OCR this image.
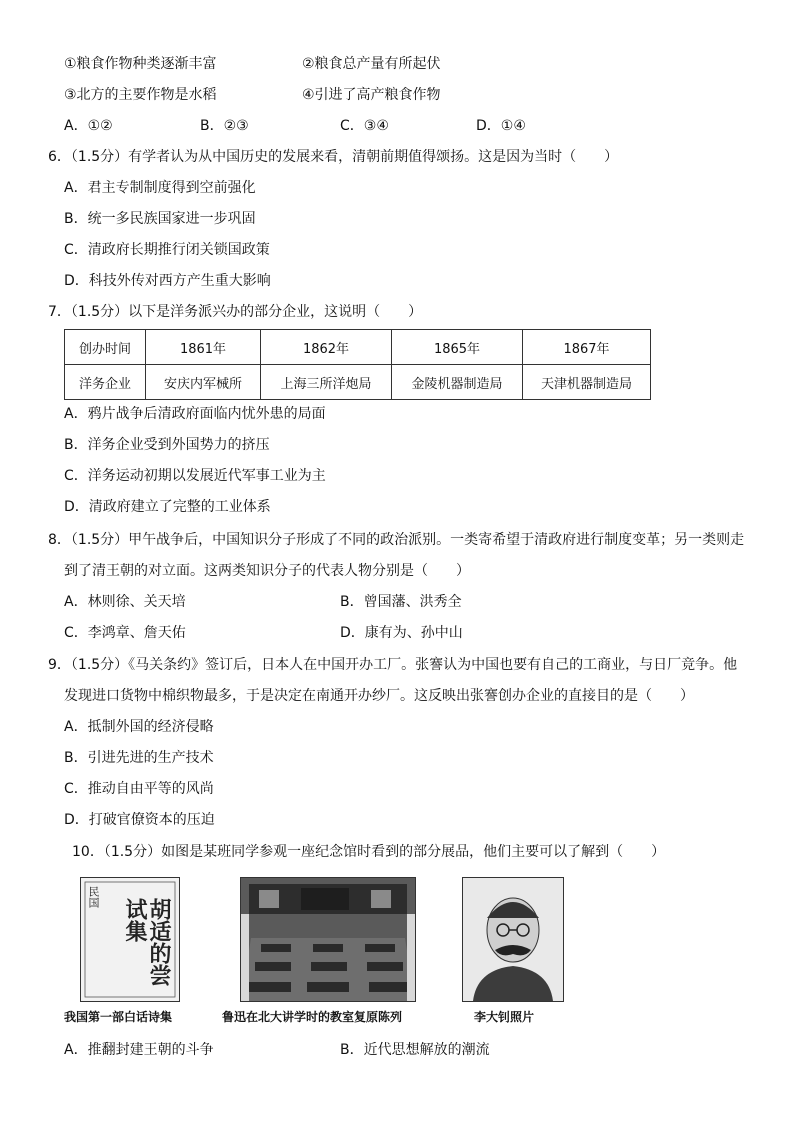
①粮食作物种类逐渐丰富	②粮食总产量有所起伏
③北方的主要作物是水稻	④引进了高产粮食作物
A．①②	B．②③	C．③④	D．①④
6．（1.5分）有学者认为从中国历史的发展来看，清朝前期值得颂扬。这是因为当时（　　）
A．君主专制制度得到空前强化
B．统一多民族国家进一步巩固
C．清政府长期推行闭关锁国政策
D．科技外传对西方产生重大影响
7．（1.5分）以下是洋务派兴办的部分企业，这说明（　　）
创办时间	1861年	1862年	1865年	1867年
洋务企业	安庆内军械所	上海三所洋炮局	金陵机器制造局	天津机器制造局
A．鸦片战争后清政府面临内忧外患的局面
B．洋务企业受到外国势力的挤压
C．洋务运动初期以发展近代军事工业为主
D．清政府建立了完整的工业体系
8．（1.5分）甲午战争后，中国知识分子形成了不同的政治派别。一类寄希望于清政府进行制度变革；另一类则走
到了清王朝的对立面。这两类知识分子的代表人物分别是（　　）
A．林则徐、关天培	B．曾国藩、洪秀全
C．李鸿章、詹天佑	D．康有为、孙中山
9．（1.5分）《马关条约》签订后，日本人在中国开办工厂。张謇认为中国也要有自己的工商业，与日厂竞争。他
发现进口货物中棉织物最多，于是决定在南通开办纱厂。这反映出张謇创办企业的直接目的是（　　）
A．抵制外国的经济侵略
B．引进先进的生产技术
C．推动自由平等的风尚
D．打破官僚资本的压迫
10．（1.5分）如图是某班同学参观一座纪念馆时看到的部分展品，他们主要可以了解到（　　）
民国
胡适的尝试集
我国第一部白话诗集	鲁迅在北大讲学时的教室复原陈列	李大钊照片
A．推翻封建王朝的斗争	B．近代思想解放的潮流
